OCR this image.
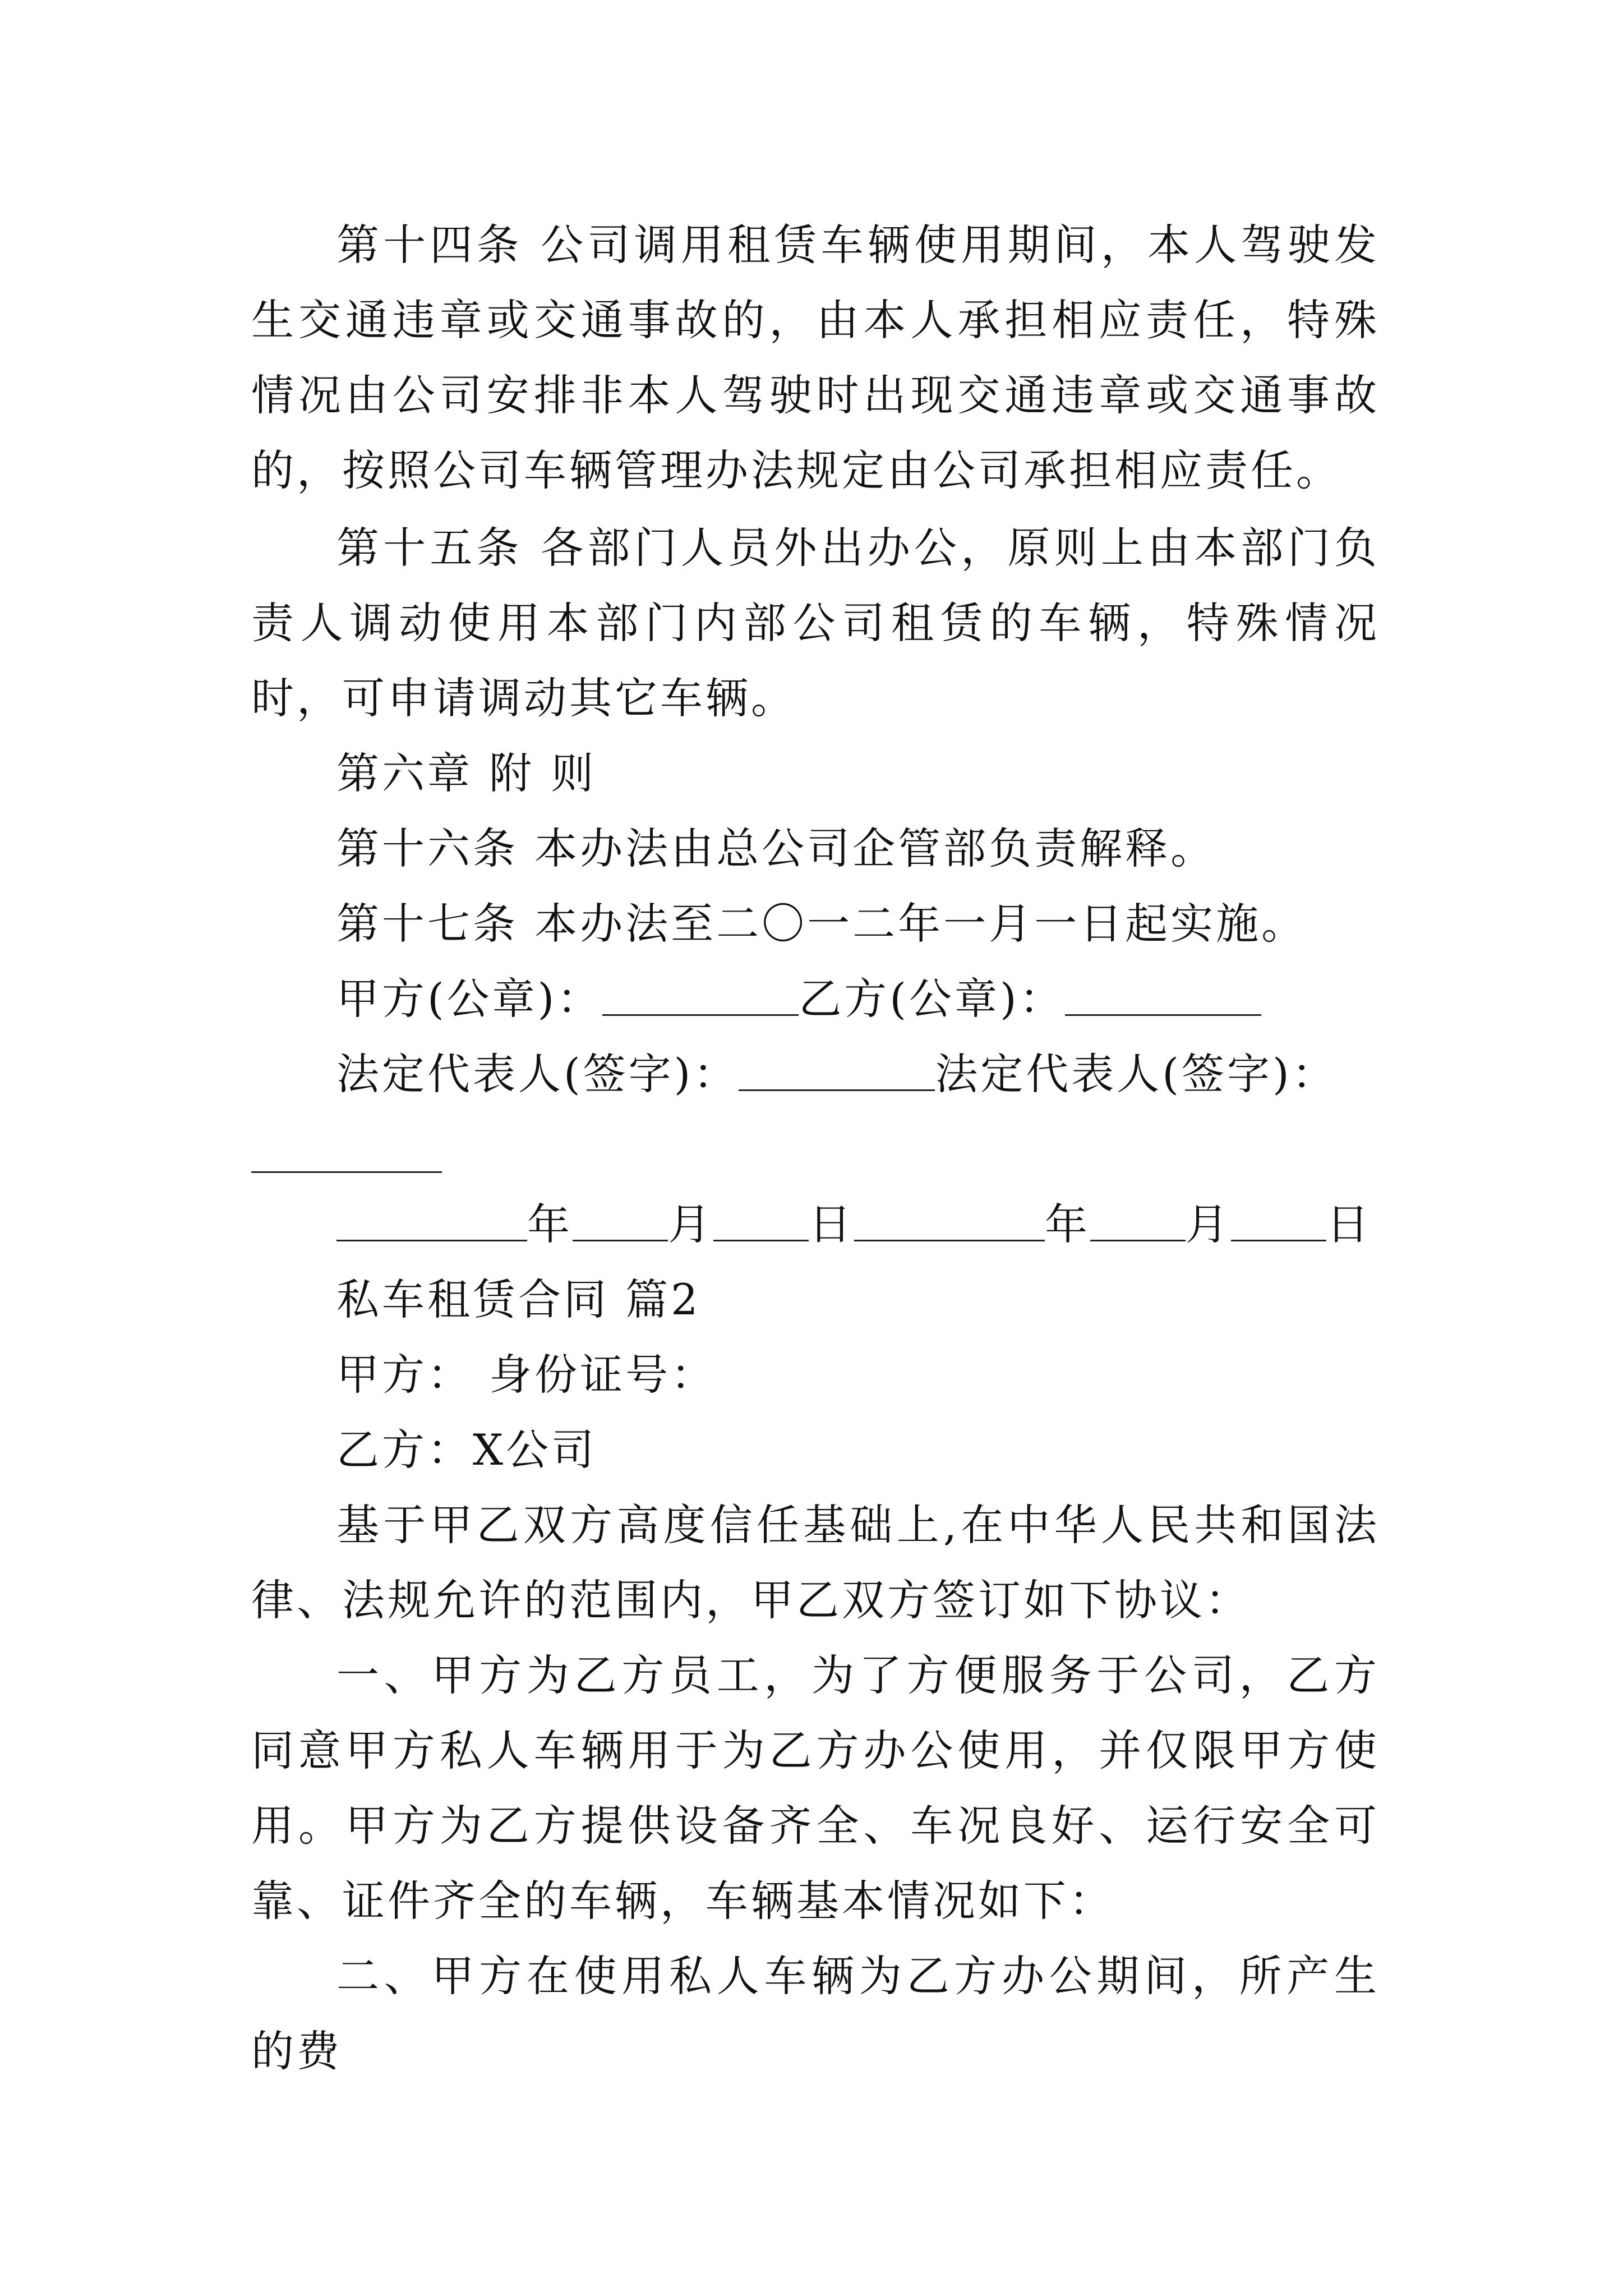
第十四条 公司调用租赁车辆使用期间，本人驾驶发生交通违章或交通事故的，由本人承担相应责任，特殊情况由公司安排非本人驾驶时出现交通违章或交通事故的，按照公司车辆管理办法规定由公司承担相应责任。

第十五条 各部门人员外出办公，原则上由本部门负责人调动使用本部门内部公司租赁的车辆，特殊情况时，可申请调动其它车辆。

第六章 附 则
第十六条 本办法由总公司企管部负责解释。
第十七条 本办法至二〇一二年一月一日起实施。
甲方(公章)：	乙方(公章)：
法定代表人(签字)：	法定代表人(签字)：
年 月 日	年 月 日
私车租赁合同 篇2
甲方： 身份证号：
乙方：X公司

基于甲乙双方高度信任基础上,在中华人民共和国法律、法规允许的范围内，甲乙双方签订如下协议：

一、甲方为乙方员工，为了方便服务于公司，乙方同意甲方私人车辆用于为乙方办公使用，并仅限甲方使用。甲方为乙方提供设备齐全、车况良好、运行安全可靠、证件齐全的车辆，车辆基本情况如下：

二、甲方在使用私人车辆为乙方办公期间，所产生的费
